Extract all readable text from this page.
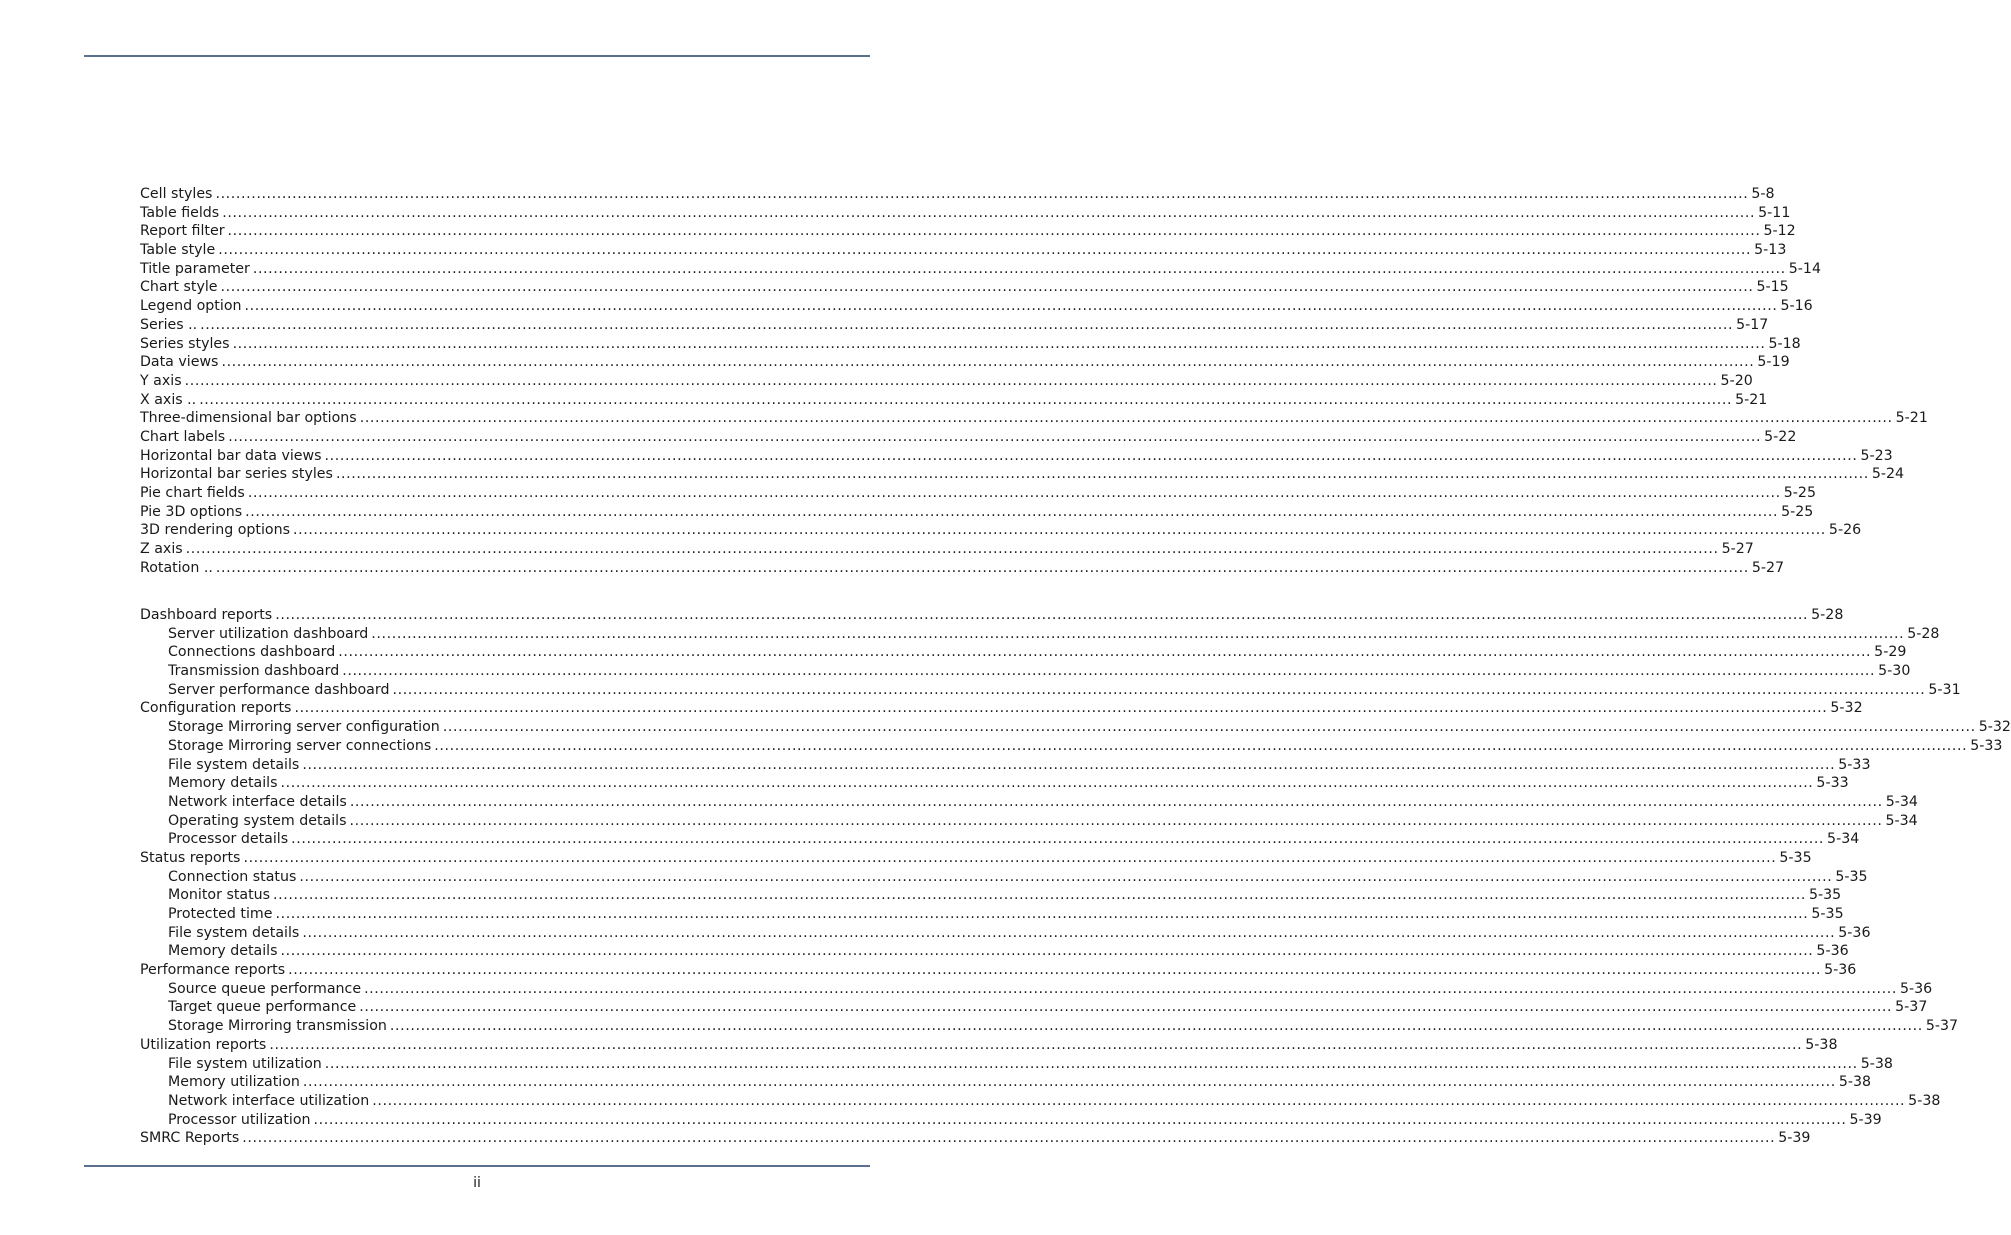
Cell styles ............................................................................................................................................................................................................................................................................................................ 5-8
Table fields ............................................................................................................................................................................................................................................................................................................ 5-11
Report filter ............................................................................................................................................................................................................................................................................................................ 5-12
Table style ............................................................................................................................................................................................................................................................................................................ 5-13
Title parameter ............................................................................................................................................................................................................................................................................................................ 5-14
Chart style ............................................................................................................................................................................................................................................................................................................ 5-15
Legend option ............................................................................................................................................................................................................................................................................................................ 5-16
Series .. ............................................................................................................................................................................................................................................................................................................ 5-17
Series styles ............................................................................................................................................................................................................................................................................................................ 5-18
Data views ............................................................................................................................................................................................................................................................................................................ 5-19
Y axis ............................................................................................................................................................................................................................................................................................................ 5-20
X axis .. ............................................................................................................................................................................................................................................................................................................ 5-21
Three-dimensional bar options ............................................................................................................................................................................................................................................................................................................ 5-21
Chart labels ............................................................................................................................................................................................................................................................................................................ 5-22
Horizontal bar data views ............................................................................................................................................................................................................................................................................................................ 5-23
Horizontal bar series styles ............................................................................................................................................................................................................................................................................................................ 5-24
Pie chart fields ............................................................................................................................................................................................................................................................................................................ 5-25
Pie 3D options ............................................................................................................................................................................................................................................................................................................ 5-25
3D rendering options ............................................................................................................................................................................................................................................................................................................ 5-26
Z axis ............................................................................................................................................................................................................................................................................................................ 5-27
Rotation .. ............................................................................................................................................................................................................................................................................................................ 5-27
Dashboard reports ............................................................................................................................................................................................................................................................................................................ 5-28
Server utilization dashboard ............................................................................................................................................................................................................................................................................................................ 5-28
Connections dashboard ............................................................................................................................................................................................................................................................................................................ 5-29
Transmission dashboard ............................................................................................................................................................................................................................................................................................................ 5-30
Server performance dashboard ............................................................................................................................................................................................................................................................................................................ 5-31
Configuration reports ............................................................................................................................................................................................................................................................................................................ 5-32
Storage Mirroring server configuration ............................................................................................................................................................................................................................................................................................................ 5-32
Storage Mirroring server connections ............................................................................................................................................................................................................................................................................................................ 5-33
File system details ............................................................................................................................................................................................................................................................................................................ 5-33
Memory details ............................................................................................................................................................................................................................................................................................................ 5-33
Network interface details ............................................................................................................................................................................................................................................................................................................ 5-34
Operating system details ............................................................................................................................................................................................................................................................................................................ 5-34
Processor details ............................................................................................................................................................................................................................................................................................................ 5-34
Status reports ............................................................................................................................................................................................................................................................................................................ 5-35
Connection status ............................................................................................................................................................................................................................................................................................................ 5-35
Monitor status ............................................................................................................................................................................................................................................................................................................ 5-35
Protected time ............................................................................................................................................................................................................................................................................................................ 5-35
File system details ............................................................................................................................................................................................................................................................................................................ 5-36
Memory details ............................................................................................................................................................................................................................................................................................................ 5-36
Performance reports ............................................................................................................................................................................................................................................................................................................ 5-36
Source queue performance ............................................................................................................................................................................................................................................................................................................ 5-36
Target queue performance ............................................................................................................................................................................................................................................................................................................ 5-37
Storage Mirroring transmission ............................................................................................................................................................................................................................................................................................................ 5-37
Utilization reports ............................................................................................................................................................................................................................................................................................................ 5-38
File system utilization ............................................................................................................................................................................................................................................................................................................ 5-38
Memory utilization ............................................................................................................................................................................................................................................................................................................ 5-38
Network interface utilization ............................................................................................................................................................................................................................................................................................................ 5-38
Processor utilization ............................................................................................................................................................................................................................................................................................................ 5-39
SMRC Reports ............................................................................................................................................................................................................................................................................................................ 5-39
ii
